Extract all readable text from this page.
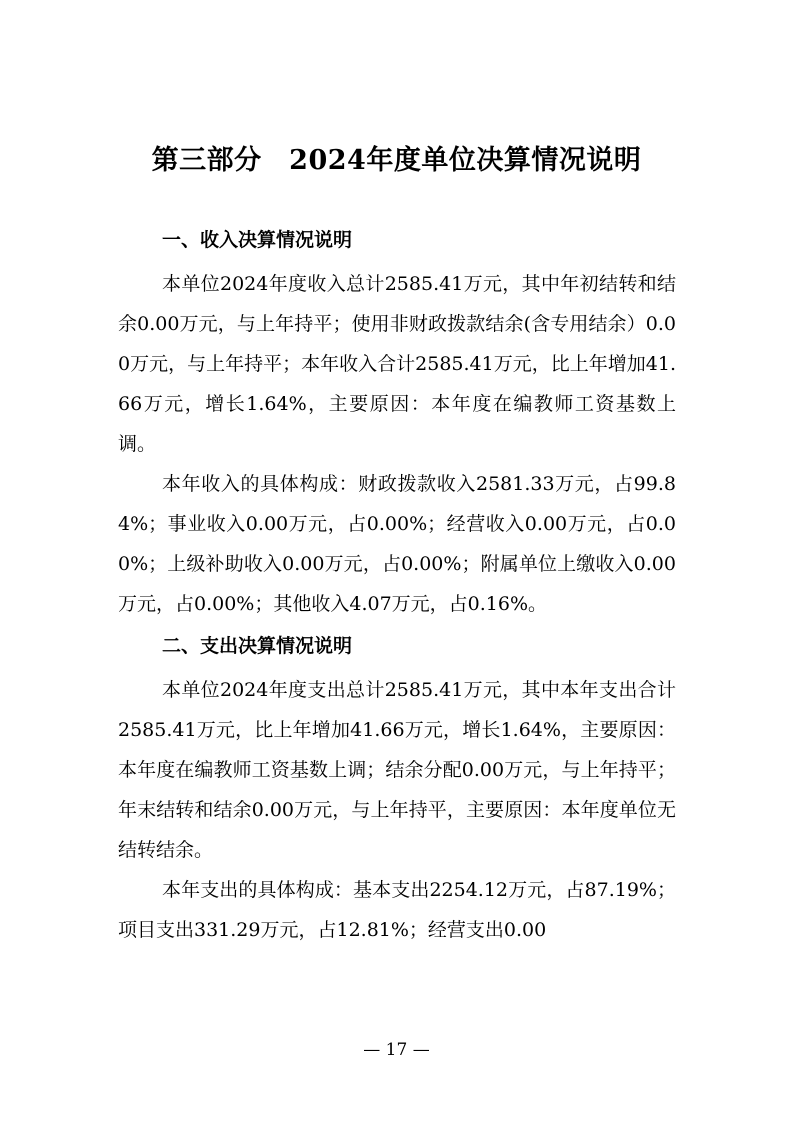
第三部分　2024年度单位决算情况说明
一、收入决算情况说明

本单位2024年度收入总计2585.41万元，其中年初结转和结余0.00万元，与上年持平；使用非财政拨款结余(含专用结余）0.00万元，与上年持平；本年收入合计2585.41万元，比上年增加41.66万元，增长1.64%，主要原因：本年度在编教师工资基数上调。

本年收入的具体构成：财政拨款收入2581.33万元，占99.84%；事业收入0.00万元，占0.00%；经营收入0.00万元，占0.00%；上级补助收入0.00万元，占0.00%；附属单位上缴收入0.00万元，占0.00%；其他收入4.07万元，占0.16%。

二、支出决算情况说明

本单位2024年度支出总计2585.41万元，其中本年支出合计2585.41万元，比上年增加41.66万元，增长1.64%，主要原因：本年度在编教师工资基数上调；结余分配0.00万元，与上年持平；年末结转和结余0.00万元，与上年持平，主要原因：本年度单位无结转结余。

本年支出的具体构成：基本支出2254.12万元，占87.19%；项目支出331.29万元，占12.81%；经营支出0.00

— 17 —
